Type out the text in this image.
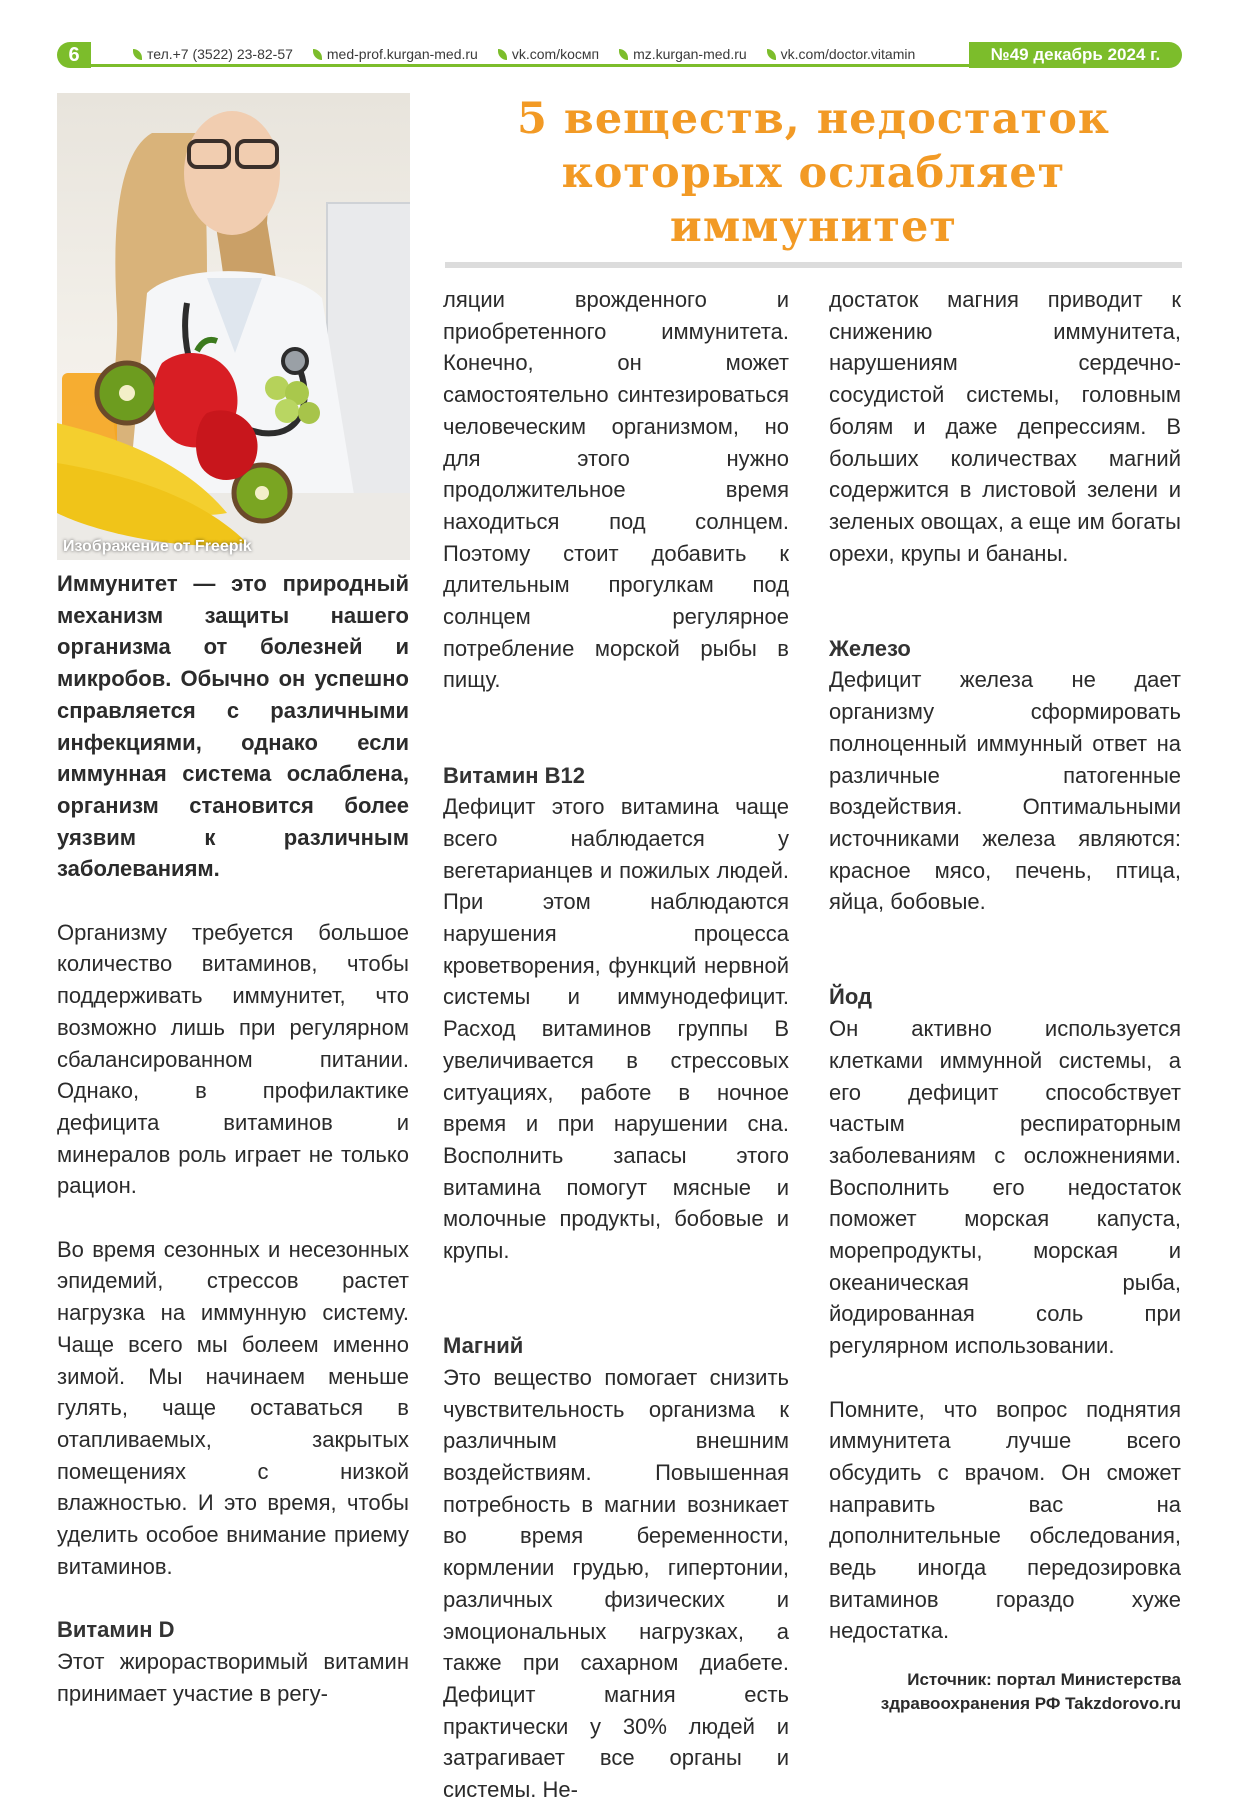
6	тел.+7 (3522) 23-82-57 med-prof.kurgan-med.ru vk.com/kocмп mz.kurgan-med.ru vk.com/doctor.vitamin	№49 декабрь 2024 г.
Изображение от Freepik
5 веществ, недостаток
которых ослабляет
иммунитет

Иммунитет — это природный механизм защиты нашего организма от болезней и микробов. Обычно он успешно справляется с различными инфекциями, однако если иммунная система ослаблена, организм становится более уязвим к различным заболеваниям.

Организму требуется большое количество витаминов, чтобы поддерживать иммунитет, что возможно лишь при регулярном сбалансированном питании. Однако, в профилактике дефицита витаминов и минералов роль играет не только рацион.

Во время сезонных и несезонных эпидемий, стрессов растет нагрузка на иммунную систему. Чаще всего мы болеем именно зимой. Мы начинаем меньше гулять, чаще оставаться в отапливаемых, закрытых помещениях с низкой влажностью. И это время, чтобы уделить особое внимание приему витаминов.

Витамин D

Этот жирорастворимый витамин принимает участие в регу-

ляции врожденного и приобретенного иммунитета. Конечно, он может самостоятельно синтезироваться человеческим организмом, но для этого нужно продолжительное время находиться под солнцем. Поэтому стоит добавить к длительным прогулкам под солнцем регулярное потребление морской рыбы в пищу.

Витамин B12

Дефицит этого витамина чаще всего наблюдается у вегетарианцев и пожилых людей. При этом наблюдаются нарушения процесса кроветворения, функций нервной системы и иммунодефицит. Расход витаминов группы B увеличивается в стрессовых ситуациях, работе в ночное время и при нарушении сна. Восполнить запасы этого витамина помогут мясные и молочные продукты, бобовые и крупы.

Магний

Это вещество помогает снизить чувствительность организма к различным внешним воздействиям. Повышенная потребность в магнии возникает во время беременности, кормлении грудью, гипертонии, различных физических и эмоциональных нагрузках, а также при сахарном диабете. Дефицит магния есть практически у 30% людей и затрагивает все органы и системы. Не-

достаток магния приводит к снижению иммунитета, нарушениям сердечно-сосудистой системы, головным болям и даже депрессиям. В больших количествах магний содержится в листовой зелени и зеленых овощах, а еще им богаты орехи, крупы и бананы.

Железо

Дефицит железа не дает организму сформировать полноценный иммунный ответ на различные патогенные воздействия. Оптимальными источниками железа являются: красное мясо, печень, птица, яйца, бобовые.

Йод

Он активно используется клетками иммунной системы, а его дефицит способствует частым респираторным заболеваниям с осложнениями. Восполнить его недостаток поможет морская капуста, морепродукты, морская и океаническая рыба, йодированная соль при регулярном использовании.

Помните, что вопрос поднятия иммунитета лучше всего обсудить с врачом. Он сможет направить вас на дополнительные обследования, ведь иногда передозировка витаминов гораздо хуже недостатка.

Источник: портал Министерства
здравоохранения РФ Takzdorovo.ru
